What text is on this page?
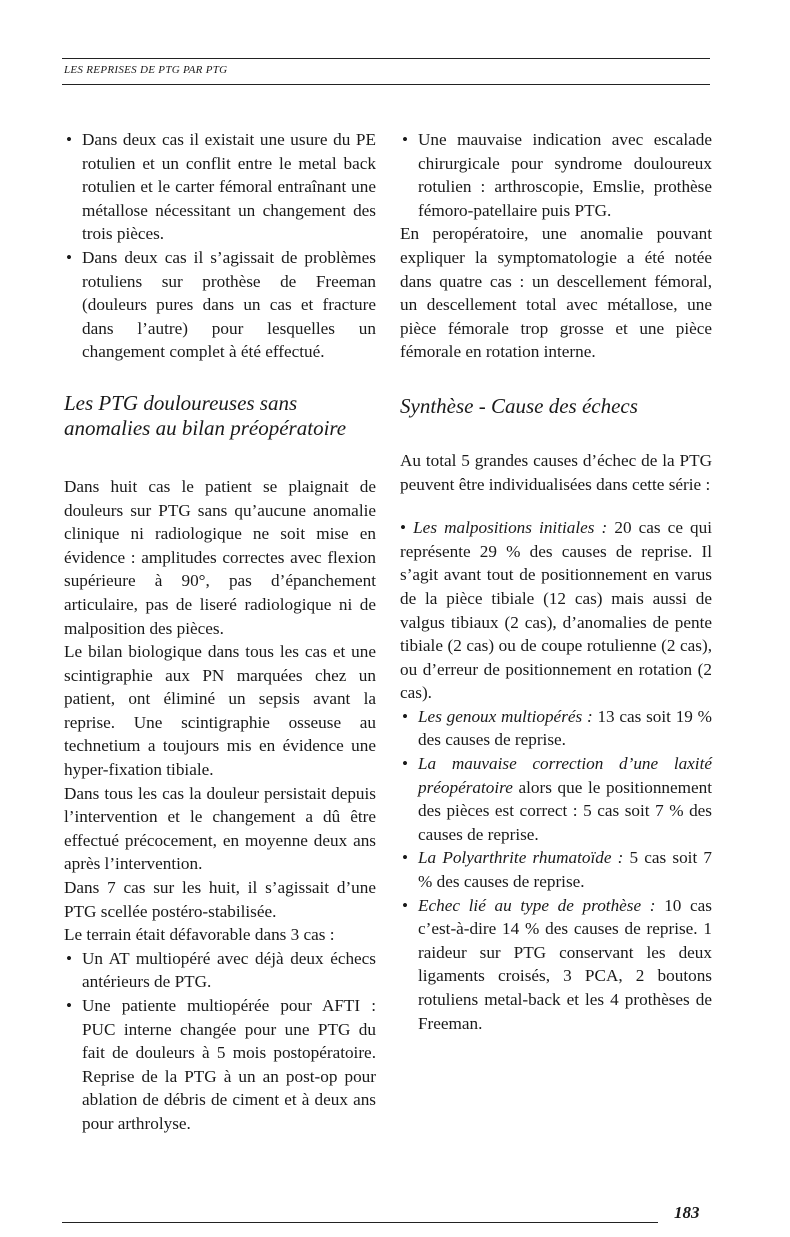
LES REPRISES DE PTG PAR PTG

• Dans deux cas il existait une usure du PE rotulien et un conflit entre le metal back rotulien et le carter fémoral entraînant une métallose nécessitant un changement des trois pièces.

• Dans deux cas il s’agissait de problèmes rotuliens sur prothèse de Freeman (douleurs pures dans un cas et fracture dans l’autre) pour lesquelles un changement complet à été effectué.

Les PTG douloureuses sans anomalies au bilan préopératoire

Dans huit cas le patient se plaignait de douleurs sur PTG sans qu’aucune anomalie clinique ni radiologique ne soit mise en évidence : amplitudes correctes avec flexion supérieure à 90°, pas d’épanchement articulaire, pas de liseré radiologique ni de malposition des pièces.

Le bilan biologique dans tous les cas et une scintigraphie aux PN marquées chez un patient, ont éliminé un sepsis avant la reprise. Une scintigraphie osseuse au technetium a toujours mis en évidence une hyper-fixation tibiale.

Dans tous les cas la douleur persistait depuis l’intervention et le changement a dû être effectué précocement, en moyenne deux ans après l’intervention.

Dans 7 cas sur les huit, il s’agissait d’une PTG scellée postéro-stabilisée.

Le terrain était défavorable dans 3 cas :

• Un AT multiopéré avec déjà deux échecs antérieurs de PTG.

• Une patiente multiopérée pour AFTI : PUC interne changée pour une PTG du fait de douleurs à 5 mois postopératoire. Reprise de la PTG à un an post-op pour ablation de débris de ciment et à deux ans pour arthrolyse.

• Une mauvaise indication avec escalade chirurgicale pour syndrome douloureux rotulien : arthroscopie, Emslie, prothèse fémoro-patellaire puis PTG.

En peropératoire, une anomalie pouvant expliquer la symptomatologie a été notée dans quatre cas : un descellement fémoral, un descellement total avec métallose, une pièce fémorale trop grosse et une pièce fémorale en rotation interne.

Synthèse - Cause des échecs

Au total 5 grandes causes d’échec de la PTG peuvent être individualisées dans cette série :

• Les malpositions initiales : 20 cas ce qui représente 29 % des causes de reprise. Il s’agit avant tout de positionnement en varus de la pièce tibiale (12 cas) mais aussi de valgus tibiaux (2 cas), d’anomalies de pente tibiale (2 cas) ou de coupe rotulienne (2 cas), ou d’erreur de positionnement en rotation (2 cas).

• Les genoux multiopérés : 13 cas soit 19 % des causes de reprise.

• La mauvaise correction d’une laxité préopératoire alors que le positionnement des pièces est correct : 5 cas soit 7 % des causes de reprise.

• La Polyarthrite rhumatoïde : 5 cas soit 7 % des causes de reprise.

• Echec lié au type de prothèse : 10 cas c’est-à-dire 14 % des causes de reprise. 1 raideur sur PTG conservant les deux ligaments croisés, 3 PCA, 2 boutons rotuliens metal-back et les 4 prothèses de Freeman.

183
